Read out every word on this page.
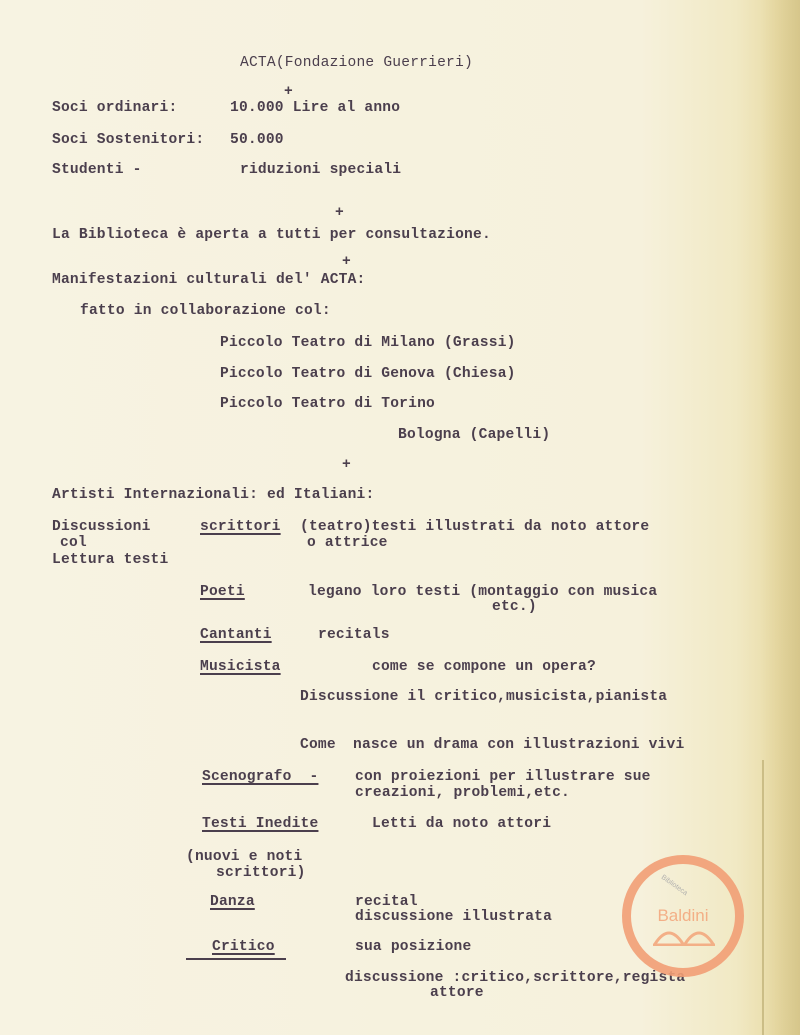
ACTA(Fondazione Guerrieri)
+
Soci ordinari:	10.000 Lire al anno
Soci Sostenitori: 50.000
Studenti -	riduzioni speciali
+
La Biblioteca è aperta a tutti per consultazione.
+
Manifestazioni culturali del' ACTA:
fatto in collaborazione col:
Piccolo Teatro di Milano (Grassi)
Piccolo Teatro di Genova (Chiesa)
Piccolo Teatro di Torino
Bologna (Capelli)
+
Artisti Internazionali: ed Italiani:
Discussioni
col
Lettura testi
scrittori (teatro)testi illustrati da noto attore
o attrice
Poeti	legano loro testi (montaggio con musica
etc.)
Cantanti	recitals
Musicista	come se compone un opera?
Discussione il critico,musicista,pianista
Come nasce un drama con illustrazioni vivi
Scenografo  -	con proiezioni per illustrare sue
creazioni, problemi,etc.
Testi Inedite	Letti da noto attori
(nuovi e noti
scrittori)
Danza	recital
discussione illustrata
Critico	sua posizione
discussione :critico,scrittore,regista
attore
Biblioteca
Baldini
